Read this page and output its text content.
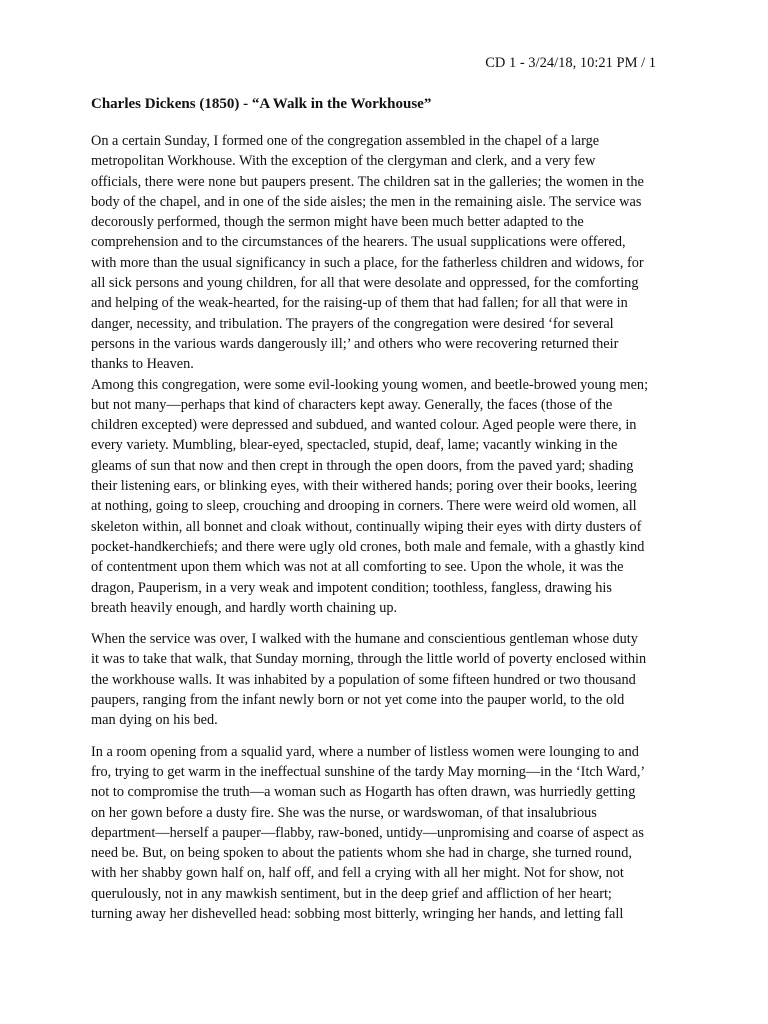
CD 1 - 3/24/18, 10:21 PM / 1
Charles Dickens (1850) - “A Walk in the Workhouse”

On a certain Sunday, I formed one of the congregation assembled in the chapel of a large
metropolitan Workhouse. With the exception of the clergyman and clerk, and a very few
officials, there were none but paupers present. The children sat in the galleries; the women in the
body of the chapel, and in one of the side aisles; the men in the remaining aisle. The service was
decorously performed, though the sermon might have been much better adapted to the
comprehension and to the circumstances of the hearers. The usual supplications were offered,
with more than the usual significancy in such a place, for the fatherless children and widows, for
all sick persons and young children, for all that were desolate and oppressed, for the comforting
and helping of the weak-hearted, for the raising-up of them that had fallen; for all that were in
danger, necessity, and tribulation. The prayers of the congregation were desired ‘for several
persons in the various wards dangerously ill;’ and others who were recovering returned their
thanks to Heaven.

Among this congregation, were some evil-looking young women, and beetle-browed young men;
but not many—perhaps that kind of characters kept away. Generally, the faces (those of the
children excepted) were depressed and subdued, and wanted colour. Aged people were there, in
every variety. Mumbling, blear-eyed, spectacled, stupid, deaf, lame; vacantly winking in the
gleams of sun that now and then crept in through the open doors, from the paved yard; shading
their listening ears, or blinking eyes, with their withered hands; poring over their books, leering
at nothing, going to sleep, crouching and drooping in corners. There were weird old women, all
skeleton within, all bonnet and cloak without, continually wiping their eyes with dirty dusters of
pocket-handkerchiefs; and there were ugly old crones, both male and female, with a ghastly kind
of contentment upon them which was not at all comforting to see. Upon the whole, it was the
dragon, Pauperism, in a very weak and impotent condition; toothless, fangless, drawing his
breath heavily enough, and hardly worth chaining up.

When the service was over, I walked with the humane and conscientious gentleman whose duty
it was to take that walk, that Sunday morning, through the little world of poverty enclosed within
the workhouse walls. It was inhabited by a population of some fifteen hundred or two thousand
paupers, ranging from the infant newly born or not yet come into the pauper world, to the old
man dying on his bed.

In a room opening from a squalid yard, where a number of listless women were lounging to and
fro, trying to get warm in the ineffectual sunshine of the tardy May morning—in the ‘Itch Ward,’
not to compromise the truth—a woman such as Hogarth has often drawn, was hurriedly getting
on her gown before a dusty fire. She was the nurse, or wardswoman, of that insalubrious
department—herself a pauper—flabby, raw-boned, untidy—unpromising and coarse of aspect as
need be. But, on being spoken to about the patients whom she had in charge, she turned round,
with her shabby gown half on, half off, and fell a crying with all her might. Not for show, not
querulously, not in any mawkish sentiment, but in the deep grief and affliction of her heart;
turning away her dishevelled head: sobbing most bitterly, wringing her hands, and letting fall
